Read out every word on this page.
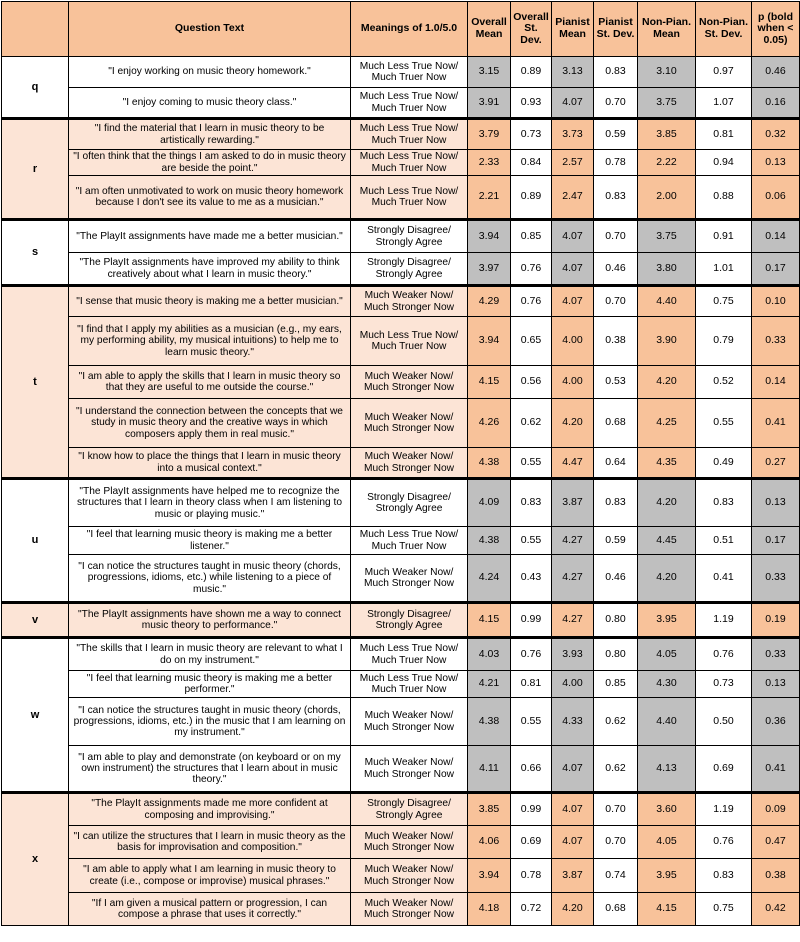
	Question Text	Meanings of 1.0/5.0	Overall Mean	Overall St. Dev.	Pianist Mean	Pianist St. Dev.	Non-Pian. Mean	Non-Pian. St. Dev.	p (bold when < 0.05)
q	"I enjoy working on music theory homework."	Much Less True Now/ Much Truer Now	3.15	0.89	3.13	0.83	3.10	0.97	0.46
	"I enjoy coming to music theory class."	Much Less True Now/ Much Truer Now	3.91	0.93	4.07	0.70	3.75	1.07	0.16
r	"I find the material that I learn in music theory to be artistically rewarding."	Much Less True Now/ Much Truer Now	3.79	0.73	3.73	0.59	3.85	0.81	0.32
	"I often think that the things I am asked to do in music theory are beside the point."	Much Less True Now/ Much Truer Now	2.33	0.84	2.57	0.78	2.22	0.94	0.13
	"I am often unmotivated to work on music theory homework because I don't see its value to me as a musician."	Much Less True Now/ Much Truer Now	2.21	0.89	2.47	0.83	2.00	0.88	0.06
s	"The PlayIt assignments have made me a better musician."	Strongly Disagree/ Strongly Agree	3.94	0.85	4.07	0.70	3.75	0.91	0.14
	"The PlayIt assignments have improved my ability to think creatively about what I learn in music theory."	Strongly Disagree/ Strongly Agree	3.97	0.76	4.07	0.46	3.80	1.01	0.17
t	"I sense that music theory is making me a better musician."	Much Weaker Now/ Much Stronger Now	4.29	0.76	4.07	0.70	4.40	0.75	0.10
	"I find that I apply my abilities as a musician (e.g., my ears, my performing ability, my musical intuitions) to help me to learn music theory."	Much Less True Now/ Much Truer Now	3.94	0.65	4.00	0.38	3.90	0.79	0.33
	"I am able to apply the skills that I learn in music theory so that they are useful to me outside the course."	Much Weaker Now/ Much Stronger Now	4.15	0.56	4.00	0.53	4.20	0.52	0.14
	"I understand the connection between the concepts that we study in music theory and the creative ways in which composers apply them in real music."	Much Weaker Now/ Much Stronger Now	4.26	0.62	4.20	0.68	4.25	0.55	0.41
	"I know how to place the things that I learn in music theory into a musical context."	Much Weaker Now/ Much Stronger Now	4.38	0.55	4.47	0.64	4.35	0.49	0.27
u	"The PlayIt assignments have helped me to recognize the structures that I learn in theory class when I am listening to music or playing music."	Strongly Disagree/ Strongly Agree	4.09	0.83	3.87	0.83	4.20	0.83	0.13
	"I feel that learning music theory is making me a better listener."	Much Less True Now/ Much Truer Now	4.38	0.55	4.27	0.59	4.45	0.51	0.17
	"I can notice the structures taught in music theory (chords, progressions, idioms, etc.) while listening to a piece of music."	Much Weaker Now/ Much Stronger Now	4.24	0.43	4.27	0.46	4.20	0.41	0.33
v	"The PlayIt assignments have shown me a way to connect music theory to performance."	Strongly Disagree/ Strongly Agree	4.15	0.99	4.27	0.80	3.95	1.19	0.19
w	"The skills that I learn in music theory are relevant to what I do on my instrument."	Much Less True Now/ Much Truer Now	4.03	0.76	3.93	0.80	4.05	0.76	0.33
	"I feel that learning music theory is making me a better performer."	Much Less True Now/ Much Truer Now	4.21	0.81	4.00	0.85	4.30	0.73	0.13
	"I can notice the structures taught in music theory (chords, progressions, idioms, etc.) in the music that I am learning on my instrument."	Much Weaker Now/ Much Stronger Now	4.38	0.55	4.33	0.62	4.40	0.50	0.36
	"I am able to play and demonstrate (on keyboard or on my own instrument) the structures that I learn about in music theory."	Much Weaker Now/ Much Stronger Now	4.11	0.66	4.07	0.62	4.13	0.69	0.41
x	"The PlayIt assignments made me more confident at composing and improvising."	Strongly Disagree/ Strongly Agree	3.85	0.99	4.07	0.70	3.60	1.19	0.09
	"I can utilize the structures that I learn in music theory as the basis for improvisation and composition."	Much Weaker Now/ Much Stronger Now	4.06	0.69	4.07	0.70	4.05	0.76	0.47
	"I am able to apply what I am learning in music theory to create (i.e., compose or improvise) musical phrases."	Much Weaker Now/ Much Stronger Now	3.94	0.78	3.87	0.74	3.95	0.83	0.38
	"If I am given a musical pattern or progression, I can compose a phrase that uses it correctly."	Much Weaker Now/ Much Stronger Now	4.18	0.72	4.20	0.68	4.15	0.75	0.42
